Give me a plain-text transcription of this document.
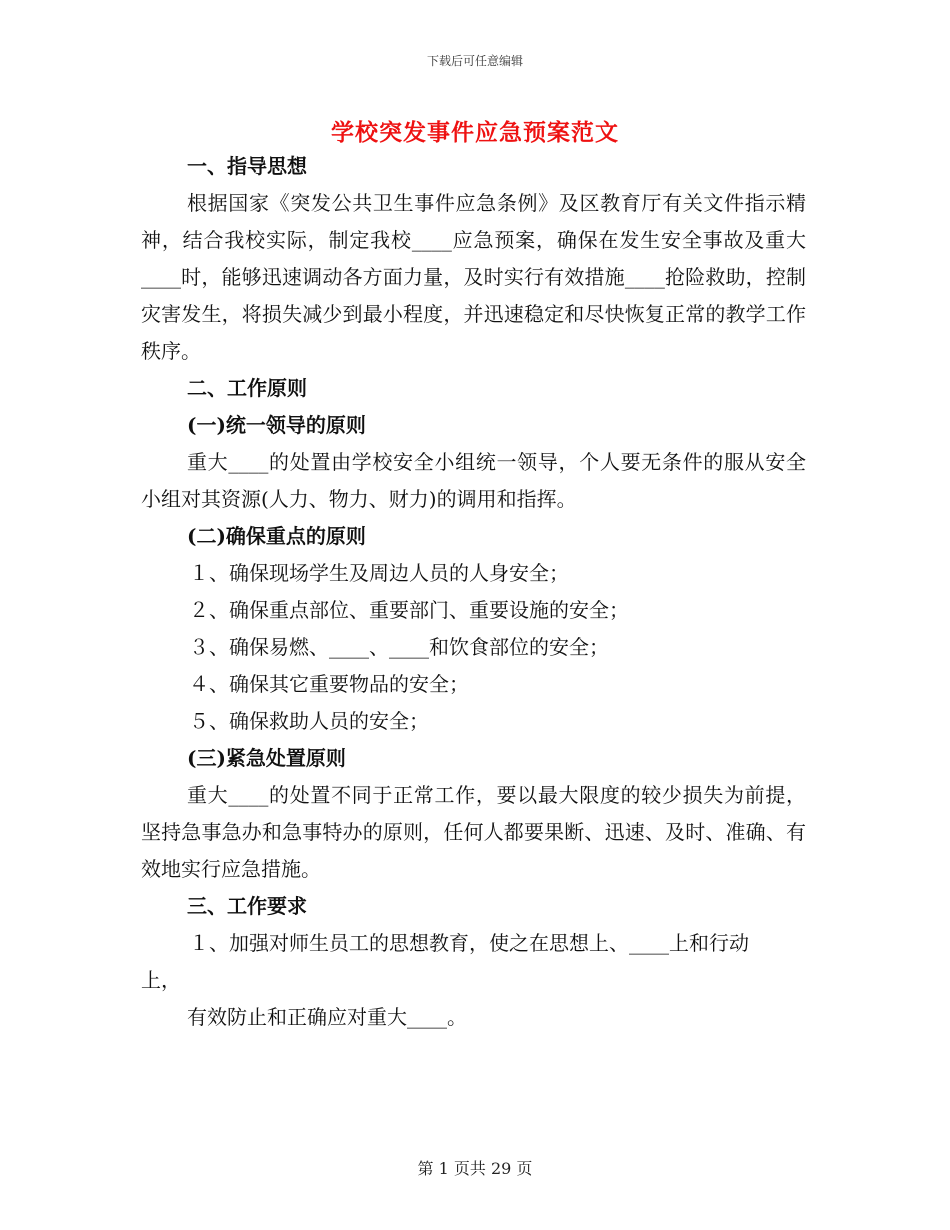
下载后可任意编辑
学校突发事件应急预案范文
一、指导思想
根据国家《突发公共卫生事件应急条例》及区教育厅有关文件指示精神，结合我校实际，制定我校____应急预案，确保在发生安全事故及重大____时，能够迅速调动各方面力量，及时实行有效措施____抢险救助，控制灾害发生，将损失减少到最小程度，并迅速稳定和尽快恢复正常的教学工作秩序。
二、工作原则
(一)统一领导的原则
重大____的处置由学校安全小组统一领导，个人要无条件的服从安全小组对其资源(人力、物力、财力)的调用和指挥。
(二)确保重点的原则
１、确保现场学生及周边人员的人身安全；
２、确保重点部位、重要部门、重要设施的安全；
３、确保易燃、____、____和饮食部位的安全；
４、确保其它重要物品的安全；
５、确保救助人员的安全；
(三)紧急处置原则
重大____的处置不同于正常工作，要以最大限度的较少损失为前提，坚持急事急办和急事特办的原则，任何人都要果断、迅速、及时、准确、有效地实行应急措施。
三、工作要求
１、加强对师生员工的思想教育，使之在思想上、____上和行动
上，
有效防止和正确应对重大____。
第 1 页共 29 页
